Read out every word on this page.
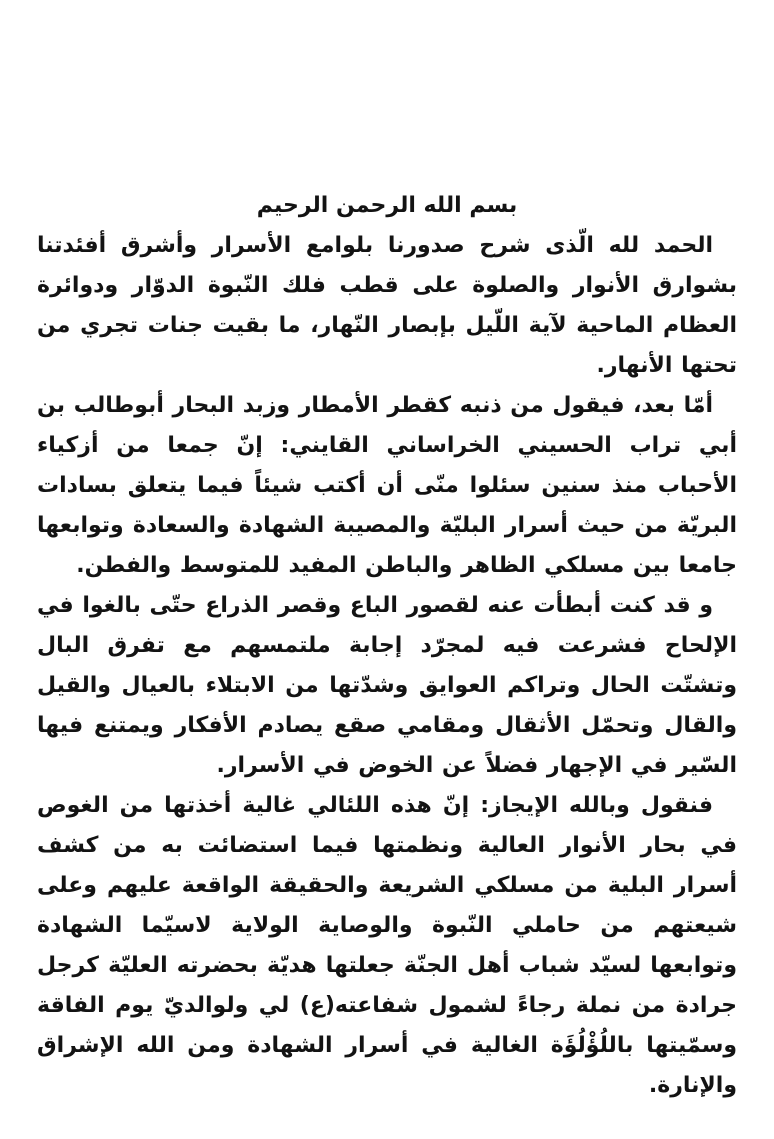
بسم الله الرحمن الرحيم

الحمد لله الّذى شرح صدورنا بلوامع الأسرار وأشرق أفئدتنا بشوارق الأنوار والصلوة على قطب فلك النّبوة الدوّار ودوائرة العظام الماحية لآية اللّيل بإبصار النّهار، ما بقيت جنات تجري من تحتها الأنهار.

أمّا بعد، فيقول من ذنبه كقطر الأمطار وزبد البحار أبوطالب بن أبي تراب الحسيني الخراساني القايني: إنّ جمعا من أزكياء الأحباب منذ سنين سئلوا منّى أن أكتب شيئاً فيما يتعلق بسادات البريّة من حيث أسرار البليّة والمصيبة الشهادة والسعادة وتوابعها جامعا بين مسلكي الظاهر والباطن المفيد للمتوسط والفطن.

و قد كنت أبطأت عنه لقصور الباع وقصر الذراع حتّى بالغوا في الإلحاح فشرعت فيه لمجرّد إجابة ملتمسهم مع تفرق البال وتشتّت الحال وتراكم العوايق وشدّتها من الابتلاء بالعيال والقيل والقال وتحمّل الأثقال ومقامي صقع يصادم الأفكار ويمتنع فيها السّير في الإجهار فضلاً عن الخوض في الأسرار.

فنقول وبالله الإيجاز: إنّ هذه اللئالي غالية أخذتها من الغوص في بحار الأنوار العالية ونظمتها فيما استضائت به من كشف أسرار البلية من مسلكي الشريعة والحقيقة الواقعة عليهم وعلى شيعتهم من حاملي النّبوة والوصاية الولاية لاسيّما الشهادة وتوابعها لسيّد شباب أهل الجنّة جعلتها هديّة بحضرته العليّة كرجل جرادة من نملة رجاءً لشمول شفاعته(ع) لي ولوالديّ يوم الفاقة وسمّيتها باللُؤْلُؤَة الغالية في أسرار الشهادة ومن الله الإشراق والإنارة.
